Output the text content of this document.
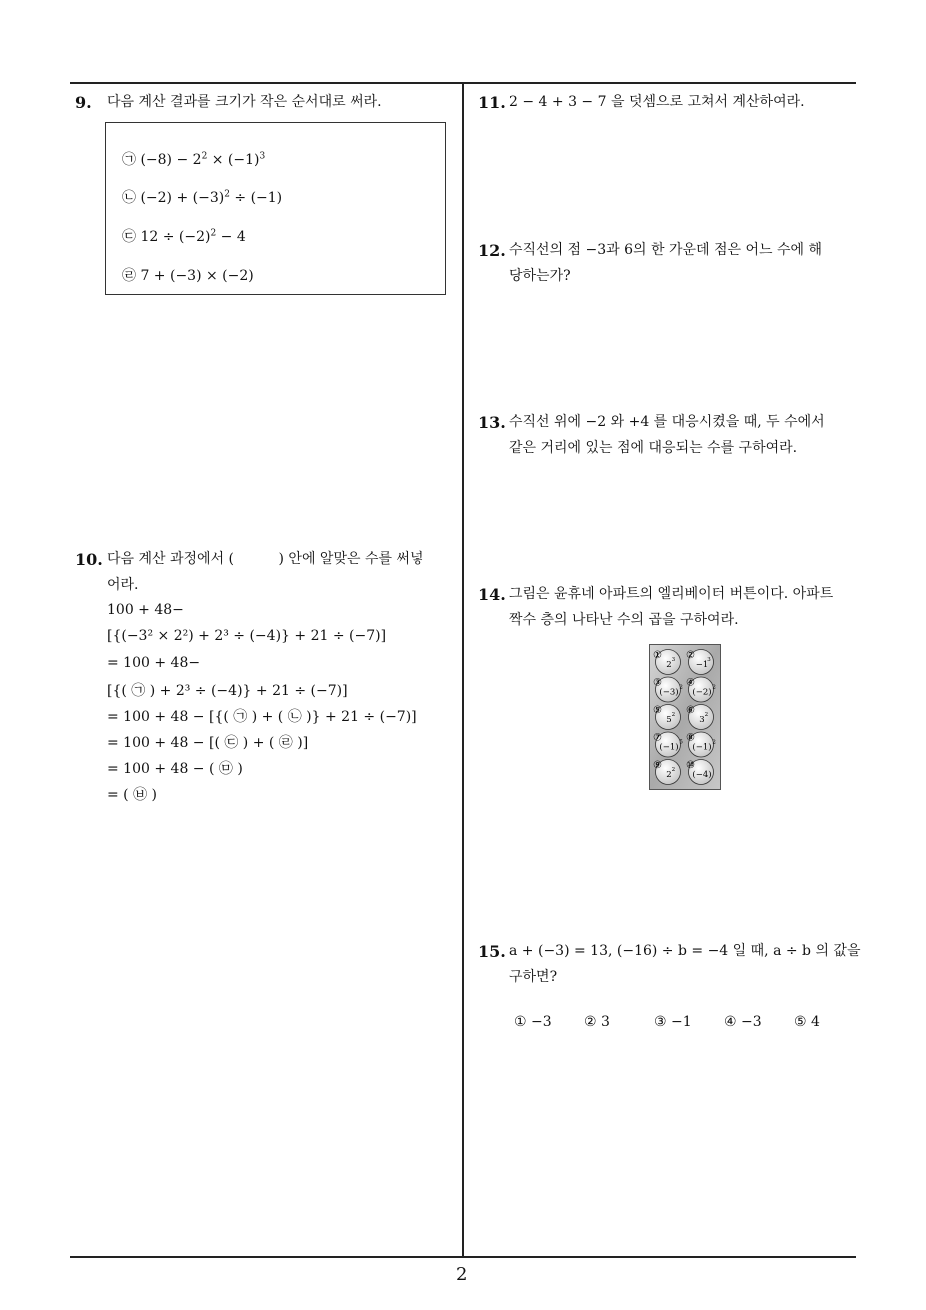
2
9. 다음 계산 결과를 크기가 작은 순서대로 써라.
㉠ $(-8) - 2^2 \times (-1)^3$
㉡ $(-2) + (-3)^2 \div (-1)$
㉢ $12 \div (-2)^2 - 4$
㉣ 7 + (−3) × (−2)
10. 다음 계산 과정에서 (          ) 안에 알맞은 수를 써넣
어라.
100 + 48−
[{(−3² × 2²) + 2³ ÷ (−4)} + 21 ÷ (−7)]
= 100 + 48−
[{( ㉠ ) + 2³ ÷ (−4)} + 21 ÷ (−7)]
= 100 + 48 − [{( ㉠ ) + ( ㉡ )} + 21 ÷ (−7)]
= 100 + 48 − [( ㉢ ) + ( ㉣ )]
= 100 + 48 − ( ㉤ )
= ( ㉥ )
11. 2 − 4 + 3 − 7 을 덧셈으로 고쳐서 계산하여라.
12. 수직선의 점 −3과 6의 한 가운데 점은 어느 수에 해
당하는가?
13. 수직선 위에 −2 와 +4 를 대응시켰을 때, 두 수에서
같은 거리에 있는 점에 대응되는 수를 구하여라.
14. 그림은 윤휴네 아파트의 엘리베이터 버튼이다. 아파트
짝수 층의 나타난 수의 곱을 구하여라.
①
2 3 ②
−1
3
③
(−3) 2 ④
(−2) 2
⑤
5 2 ⑥
3 2
⑦
(−1) 5 ⑧
(−1) 2
⑨
2 2 ⑩
(−4)
15. a + (−3) = 13, (−16) ÷ b = −4 일 때, a ÷ b 의 값을
구하면?
① −3 ② 3	③ −1 ④ −3 ⑤ 4
